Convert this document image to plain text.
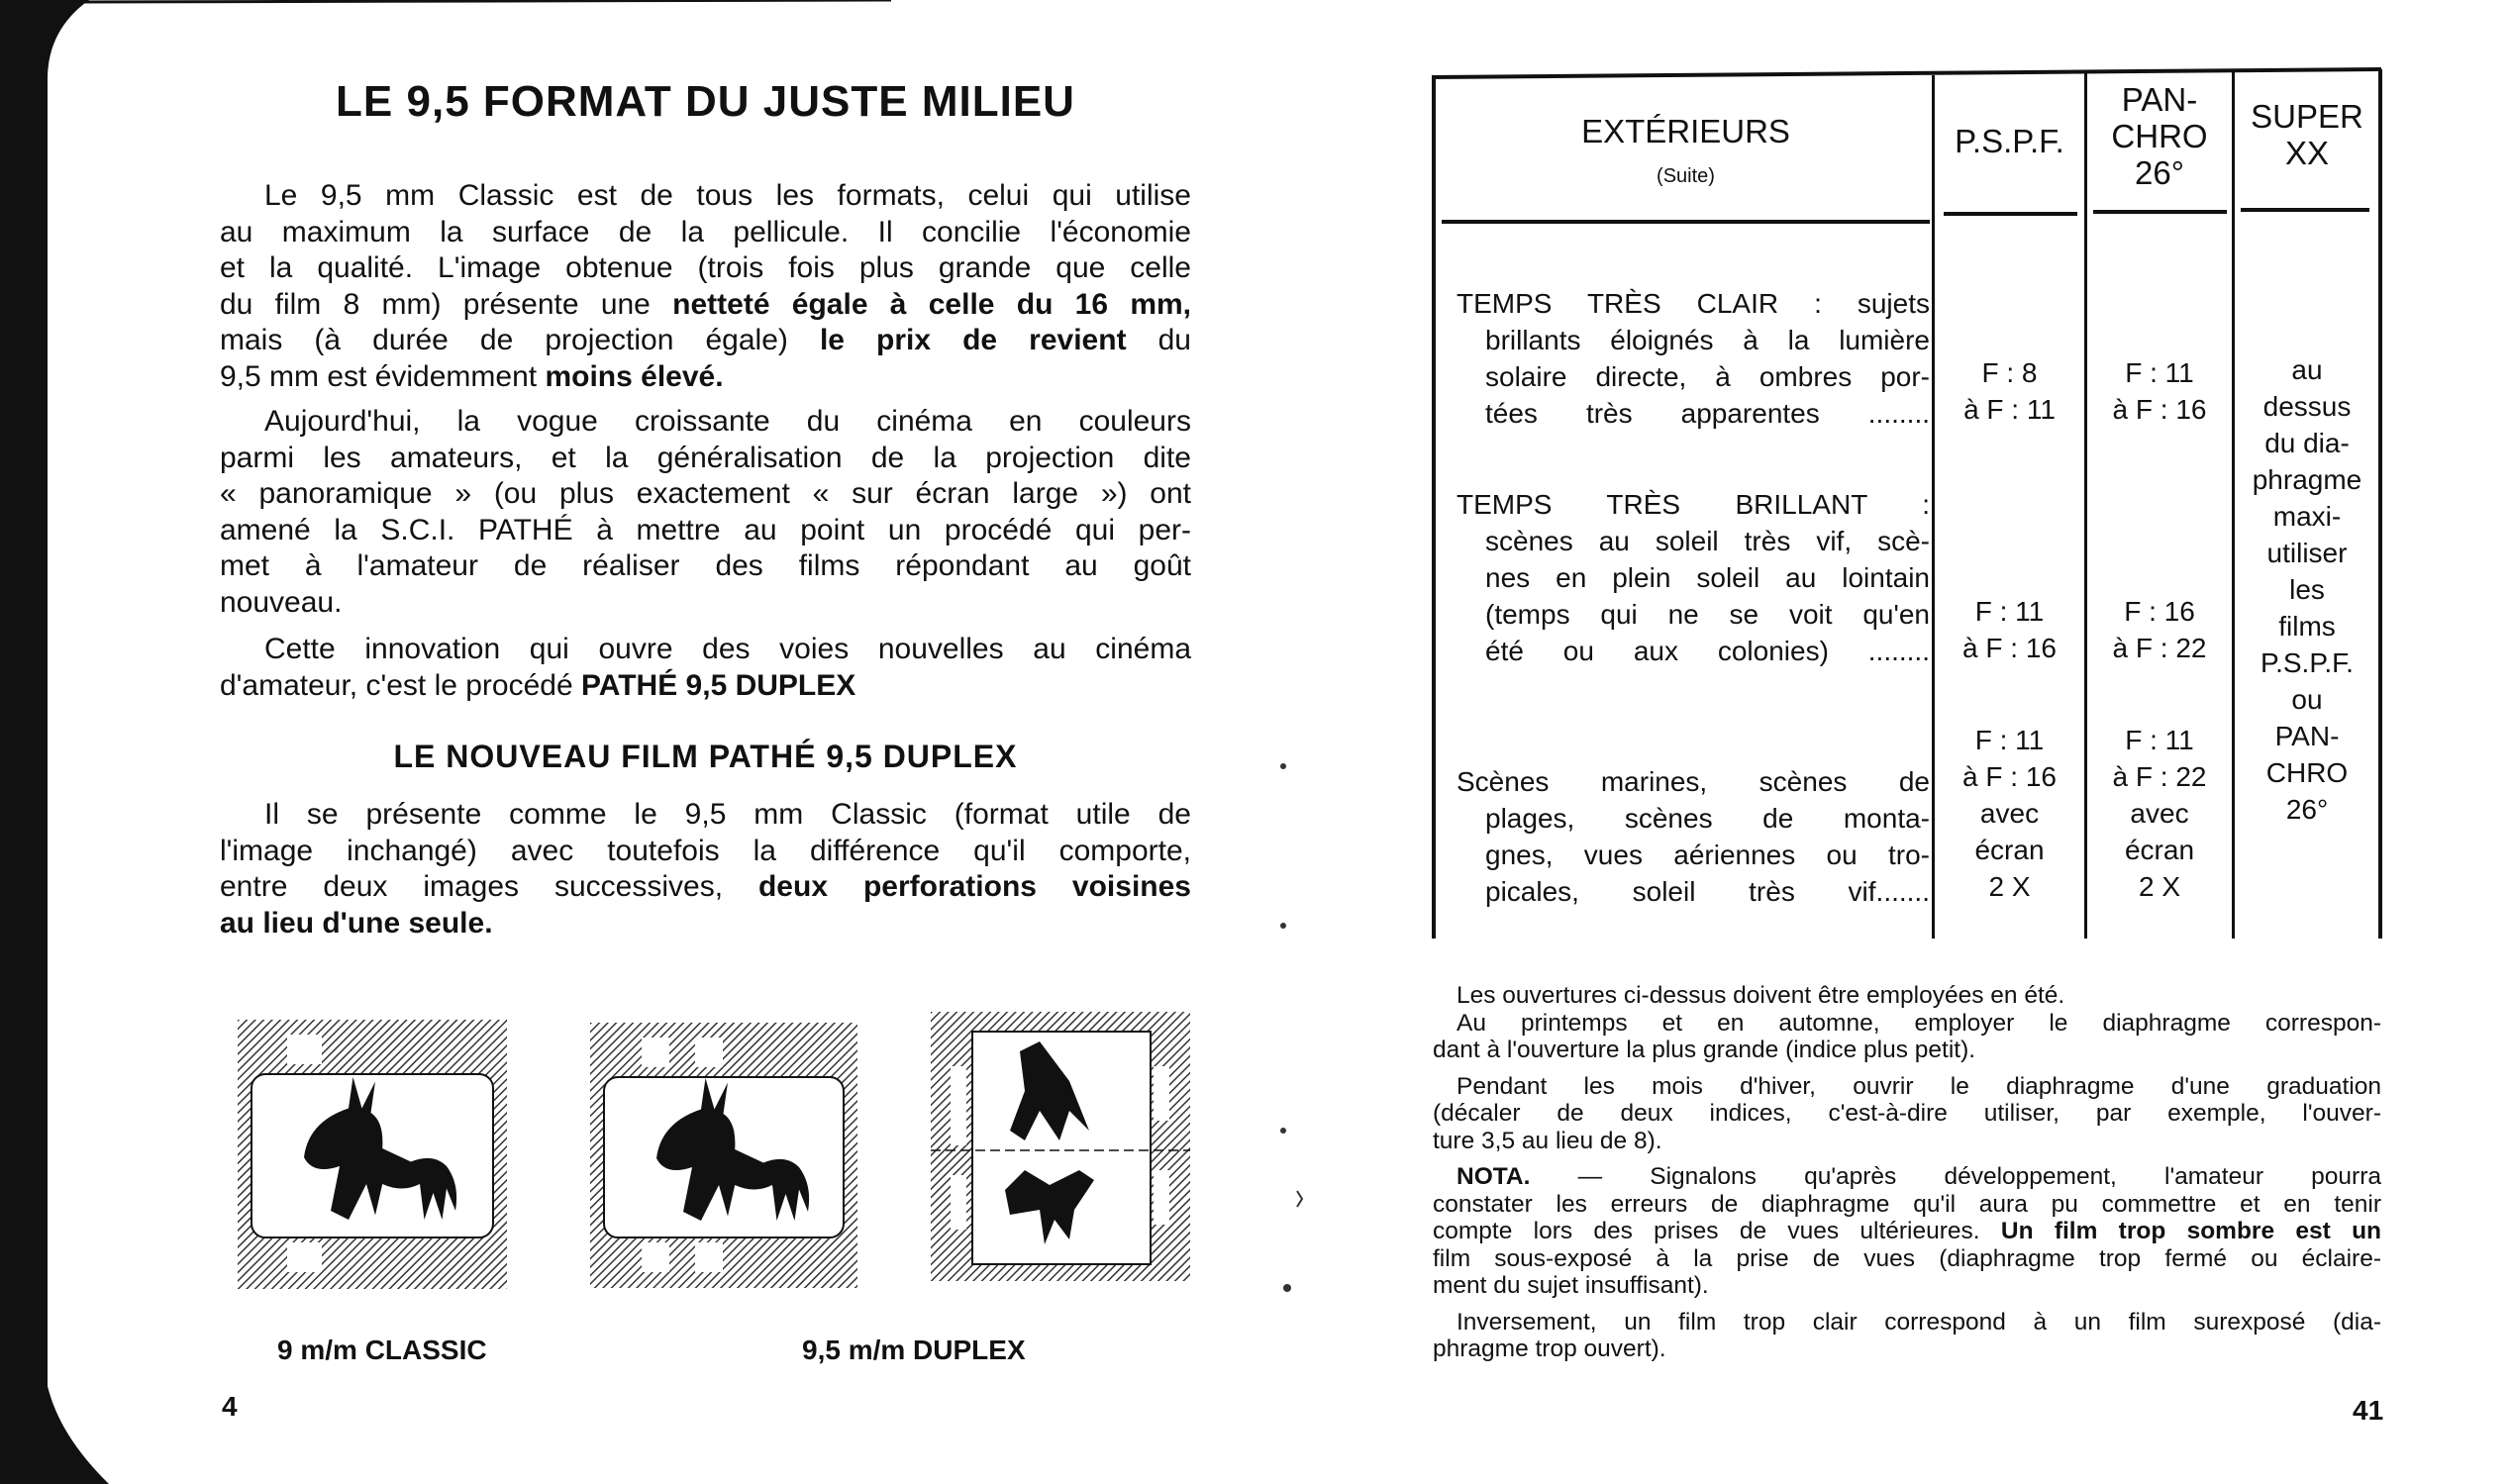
LE 9,5 FORMAT DU JUSTE MILIEU
Le 9,5 mm Classic est de tous les formats, celui qui utilise
au maximum la surface de la pellicule. Il concilie l'économie
et la qualité. L'image obtenue (trois fois plus grande que celle
du film 8 mm) présente une netteté égale à celle du 16 mm,
mais (à durée de projection égale) le prix de revient du
9,5 mm est évidemment moins élevé.
Aujourd'hui, la vogue croissante du cinéma en couleurs
parmi les amateurs, et la généralisation de la projection dite
« panoramique » (ou plus exactement « sur écran large ») ont
amené la S.C.I. PATHÉ à mettre au point un procédé qui per-
met à l'amateur de réaliser des films répondant au goût
nouveau.
Cette innovation qui ouvre des voies nouvelles au cinéma
d'amateur, c'est le procédé PATHÉ 9,5 DUPLEX
LE NOUVEAU FILM PATHÉ 9,5 DUPLEX
Il se présente comme le 9,5 mm Classic (format utile de
l'image inchangé) avec toutefois la différence qu'il comporte,
entre deux images successives, deux perforations voisines
au lieu d'une seule.
9 m/m CLASSIC	9,5 m/m DUPLEX
4
EXTÉRIEURS
(Suite)
P.S.P.F.
PAN-
CHRO
26°
SUPER
XX
TEMPS TRÈS CLAIR : sujets
brillants éloignés à la lumière
solaire directe, à ombres por-
tées très apparentes ........
F : 8
à F : 11
F : 11
à F : 16
TEMPS TRÈS BRILLANT :
scènes au soleil très vif, scè-
nes en plein soleil au lointain
(temps qui ne se voit qu'en
été ou aux colonies) ........
F : 11
à F : 16
F : 16
à F : 22
Scènes marines, scènes de
plages, scènes de monta-
gnes, vues aériennes ou tro-
picales, soleil très vif.......
F : 11
à F : 16
avec
écran
2 X
F : 11
à F : 22
avec
écran
2 X
au
dessus
du dia-
phragme
maxi-
utiliser
les
films
P.S.P.F.
ou
PAN-
CHRO
26°
Les ouvertures ci-dessus doivent être employées en été.
Au printemps et en automne, employer le diaphragme correspon-
dant à l'ouverture la plus grande (indice plus petit).
Pendant les mois d'hiver, ouvrir le diaphragme d'une graduation
(décaler de deux indices, c'est-à-dire utiliser, par exemple, l'ouver-
ture 3,5 au lieu de 8).
NOTA. — Signalons qu'après développement, l'amateur pourra
constater les erreurs de diaphragme qu'il aura pu commettre et en tenir
compte lors des prises de vues ultérieures. Un film trop sombre est un
film sous-exposé à la prise de vues (diaphragme trop fermé ou éclaire-
ment du sujet insuffisant).
Inversement, un film trop clair correspond à un film surexposé (dia-
phragme trop ouvert).
41
